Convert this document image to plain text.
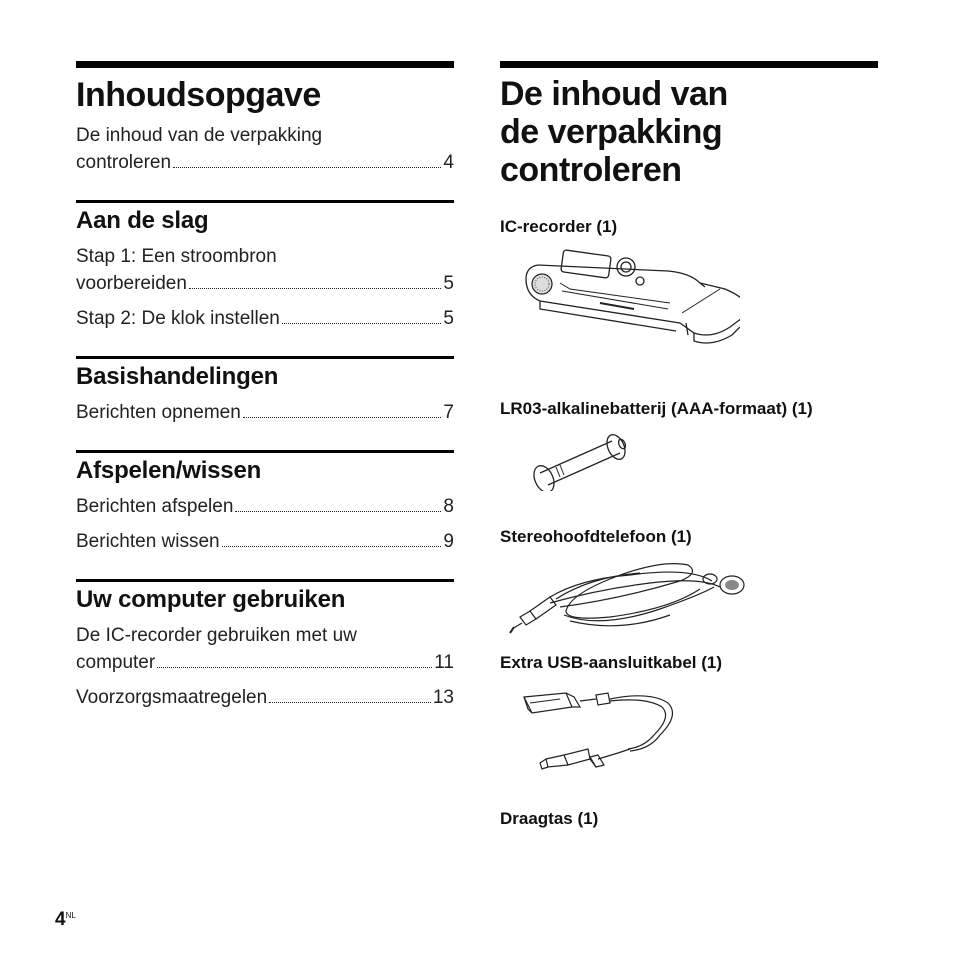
Inhoudsopgave
De inhoud van de verpakking
controleren	4
Aan de slag
Stap 1: Een stroombron
voorbereiden	5
Stap 2: De klok instellen	5
Basishandelingen
Berichten opnemen	7
Afspelen/wissen
Berichten afspelen	8
Berichten wissen	9
Uw computer gebruiken
De IC-recorder gebruiken met uw
computer	11
Voorzorgsmaatregelen	13
De inhoud van
de verpakking
controleren
IC-recorder (1)
LR03-alkalinebatterij (AAA-formaat) (1)
Stereohoofdtelefoon (1)
Extra USB-aansluitkabel (1)
Draagtas (1)
$4^{NL}$
